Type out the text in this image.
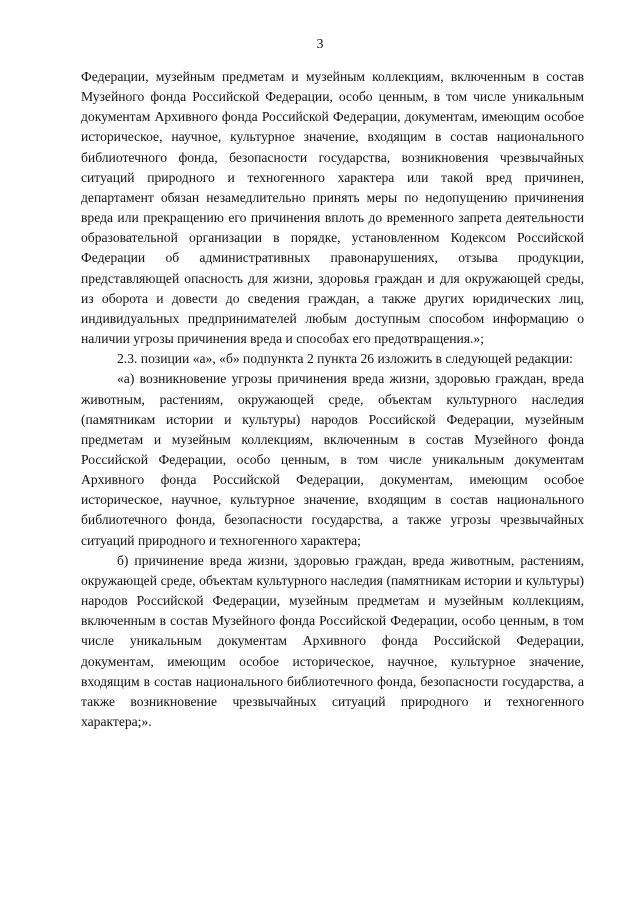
3

Федерации, музейным предметам и музейным коллекциям, включенным в состав Музейного фонда Российской Федерации, особо ценным, в том числе уникальным документам Архивного фонда Российской Федерации, документам, имеющим особое историческое, научное, культурное значение, входящим в состав национального библиотечного фонда, безопасности государства, возникновения чрезвычайных ситуаций природного и техногенного характера или такой вред причинен, департамент обязан незамедлительно принять меры по недопущению причинения вреда или прекращению его причинения вплоть до временного запрета деятельности образовательной организации в порядке, установленном Кодексом Российской Федерации об административных правонарушениях, отзыва продукции, представляющей опасность для жизни, здоровья граждан и для окружающей среды, из оборота и довести до сведения граждан, а также других юридических лиц, индивидуальных предпринимателей любым доступным способом информацию о наличии угрозы причинения вреда и способах его предотвращения.»;

2.3. позиции «а», «б» подпункта 2 пункта 26 изложить в следующей редакции:

«а) возникновение угрозы причинения вреда жизни, здоровью граждан, вреда животным, растениям, окружающей среде, объектам культурного наследия (памятникам истории и культуры) народов Российской Федерации, музейным предметам и музейным коллекциям, включенным в состав Музейного фонда Российской Федерации, особо ценным, в том числе уникальным документам Архивного фонда Российской Федерации, документам, имеющим особое историческое, научное, культурное значение, входящим в состав национального библиотечного фонда, безопасности государства, а также угрозы чрезвычайных ситуаций природного и техногенного характера;

б) причинение вреда жизни, здоровью граждан, вреда животным, растениям, окружающей среде, объектам культурного наследия (памятникам истории и культуры) народов Российской Федерации, музейным предметам и музейным коллекциям, включенным в состав Музейного фонда Российской Федерации, особо ценным, в том числе уникальным документам Архивного фонда Российской Федерации, документам, имеющим особое историческое, научное, культурное значение, входящим в состав национального библиотечного фонда, безопасности государства, а также возникновение чрезвычайных ситуаций природного и техногенного характера;».
